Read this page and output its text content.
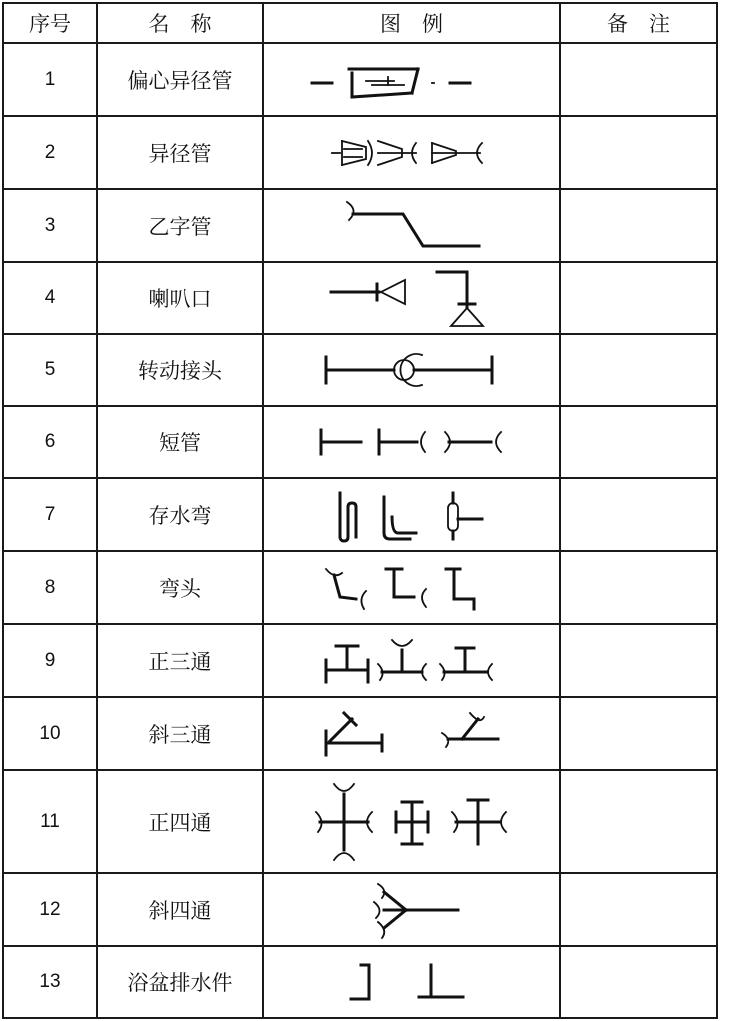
序号	名　称	图　例	备　注
1	偏心异径管	

2	异径管	

3	乙字管	

4	喇叭口	

5	转动接头	

6	短管	

7	存水弯	

8	弯头	

9	正三通	

10	斜三通	

11	正四通	

12	斜四通	

13	浴盆排水件	
